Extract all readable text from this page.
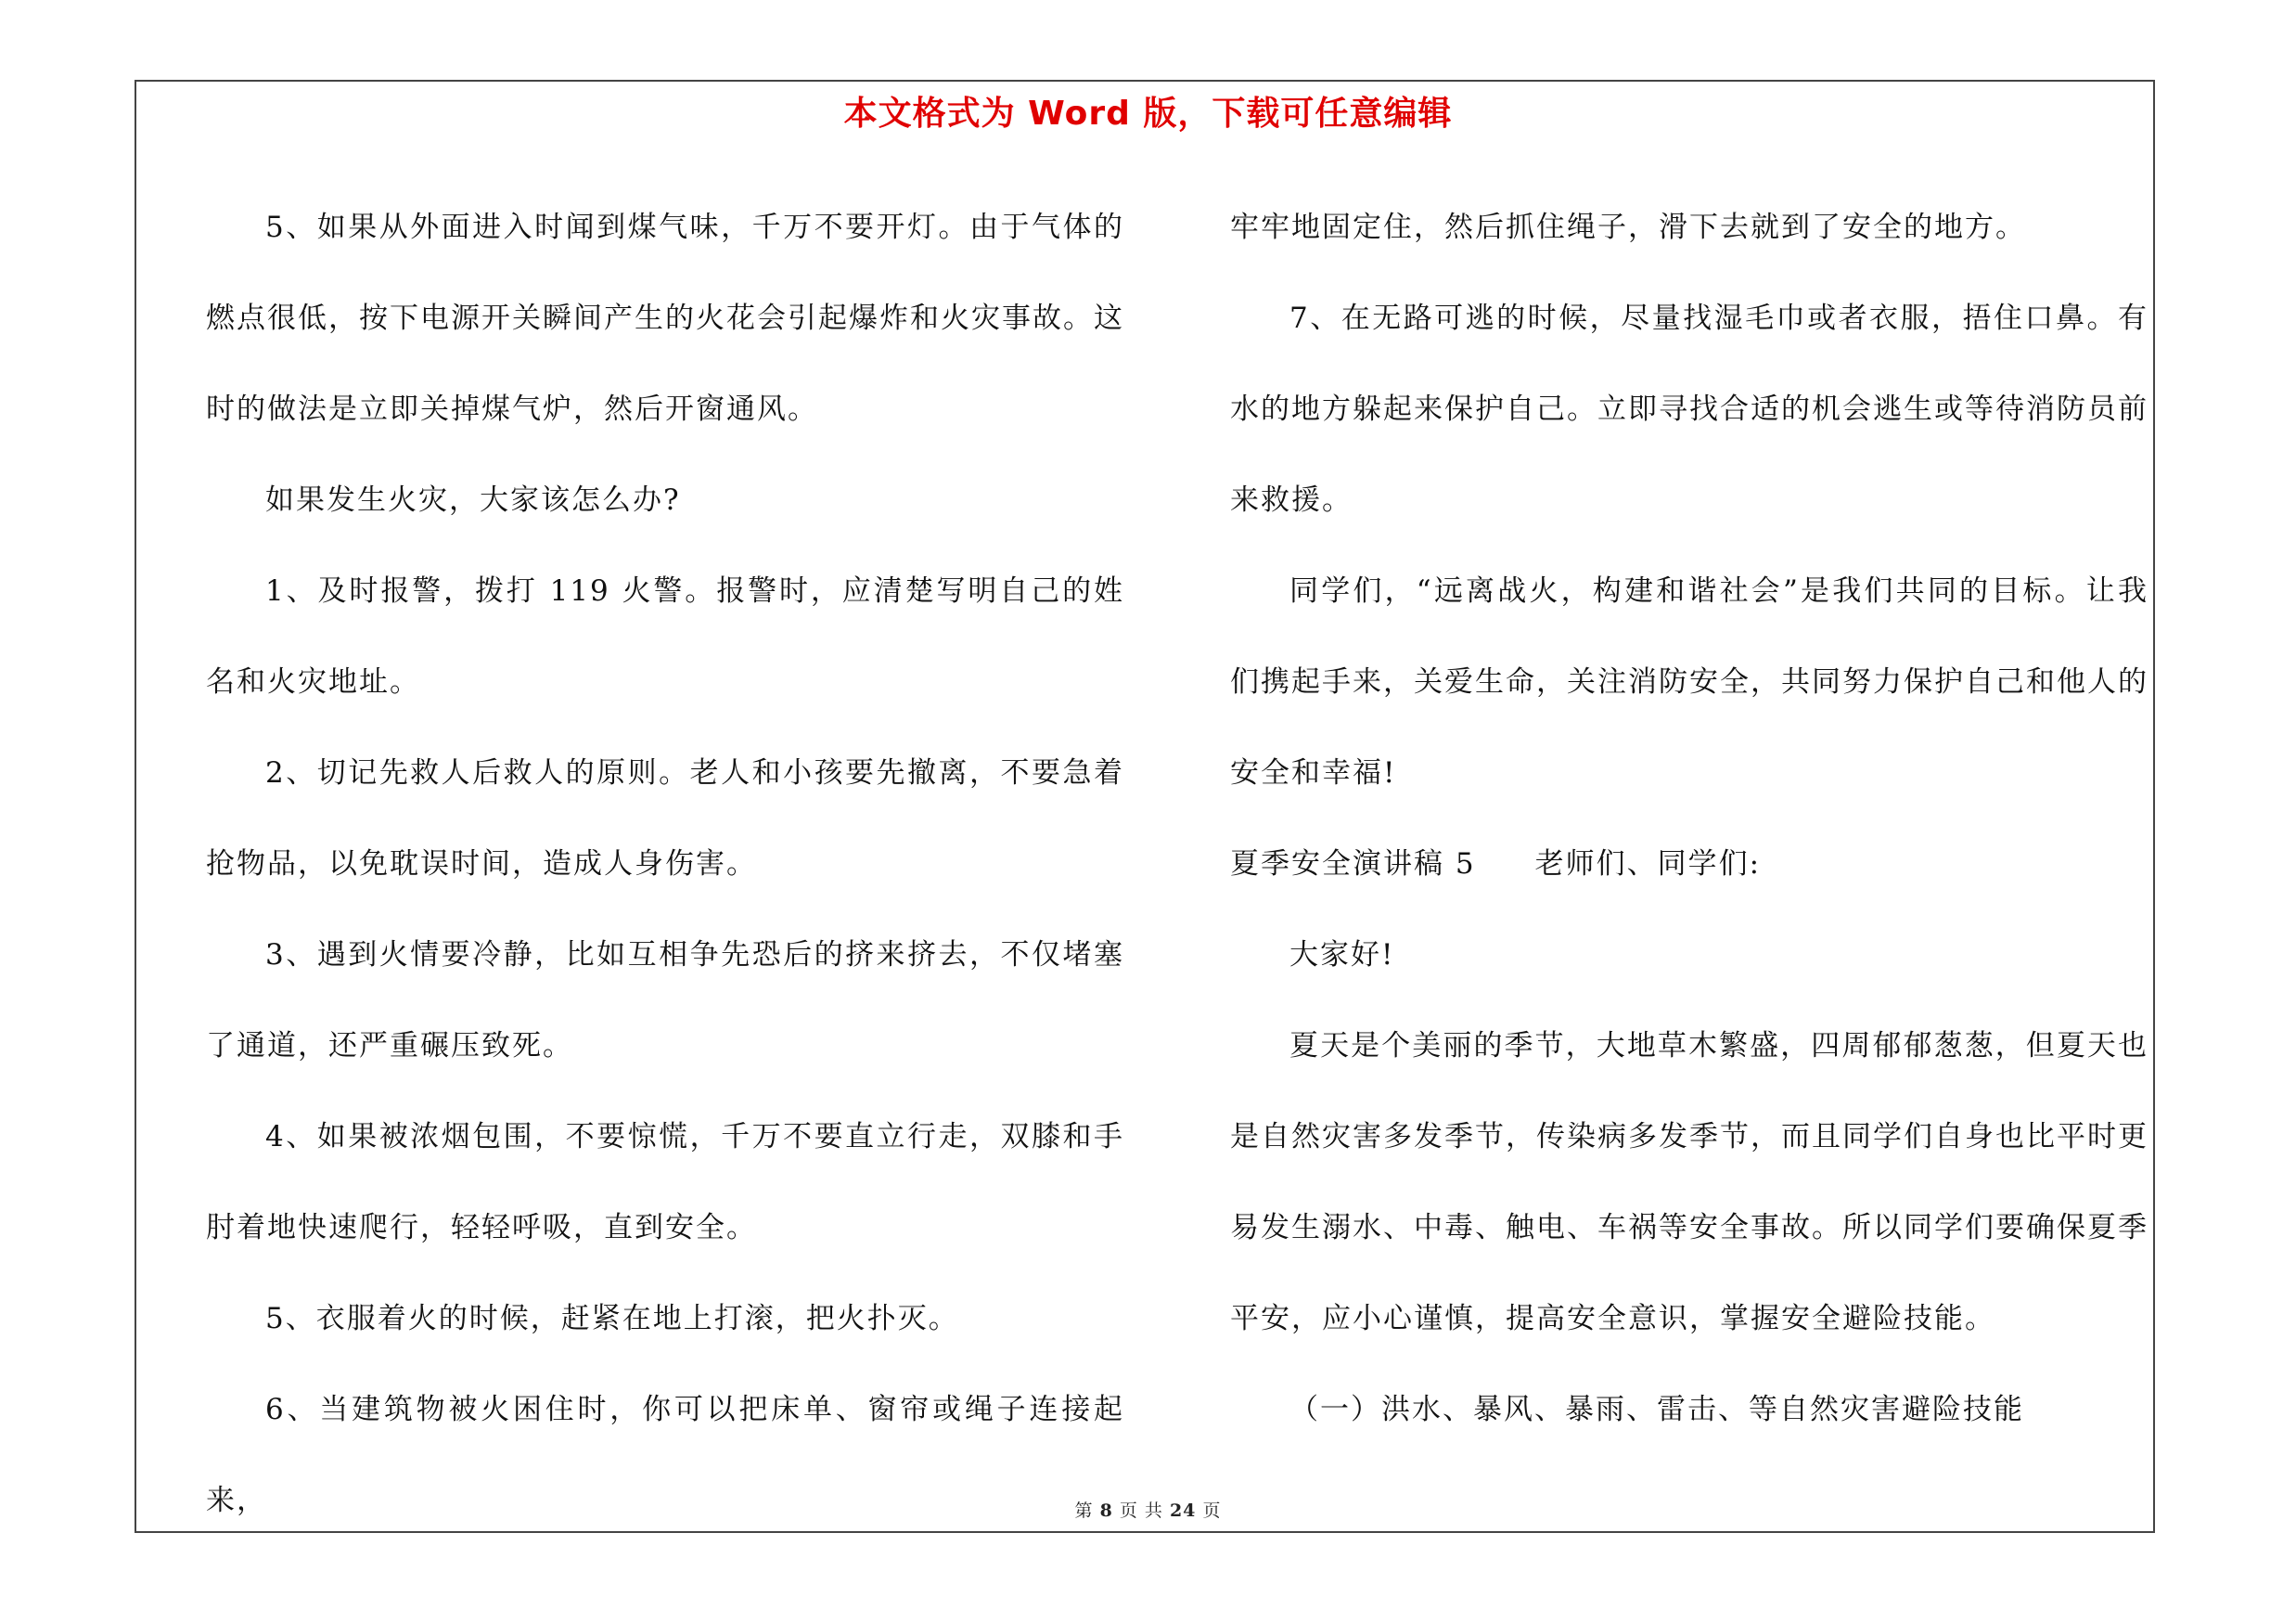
本文格式为 Word 版，下载可任意编辑

5、如果从外面进入时闻到煤气味，千万不要开灯。由于气体的燃点很低，按下电源开关瞬间产生的火花会引起爆炸和火灾事故。这时的做法是立即关掉煤气炉，然后开窗通风。

如果发生火灾，大家该怎么办?

1、及时报警，拨打 119 火警。报警时，应清楚写明自己的姓名和火灾地址。

2、切记先救人后救人的原则。老人和小孩要先撤离，不要急着抢物品，以免耽误时间，造成人身伤害。

3、遇到火情要冷静，比如互相争先恐后的挤来挤去，不仅堵塞了通道，还严重碾压致死。

4、如果被浓烟包围，不要惊慌，千万不要直立行走，双膝和手肘着地快速爬行，轻轻呼吸，直到安全。

5、衣服着火的时候，赶紧在地上打滚，把火扑灭。

6、当建筑物被火困住时，你可以把床单、窗帘或绳子连接起来，

牢牢地固定住，然后抓住绳子，滑下去就到了安全的地方。

7、在无路可逃的时候，尽量找湿毛巾或者衣服，捂住口鼻。有水的地方躲起来保护自己。立即寻找合适的机会逃生或等待消防员前来救援。

同学们，“远离战火，构建和谐社会”是我们共同的目标。让我们携起手来，关爱生命，关注消防安全，共同努力保护自己和他人的安全和幸福!

夏季安全演讲稿 5 老师们、同学们:

大家好!

夏天是个美丽的季节，大地草木繁盛，四周郁郁葱葱，但夏天也是自然灾害多发季节，传染病多发季节，而且同学们自身也比平时更易发生溺水、中毒、触电、车祸等安全事故。所以同学们要确保夏季平安，应小心谨慎，提高安全意识，掌握安全避险技能。

（一）洪水、暴风、暴雨、雷击、等自然灾害避险技能

第 8 页 共 24 页
